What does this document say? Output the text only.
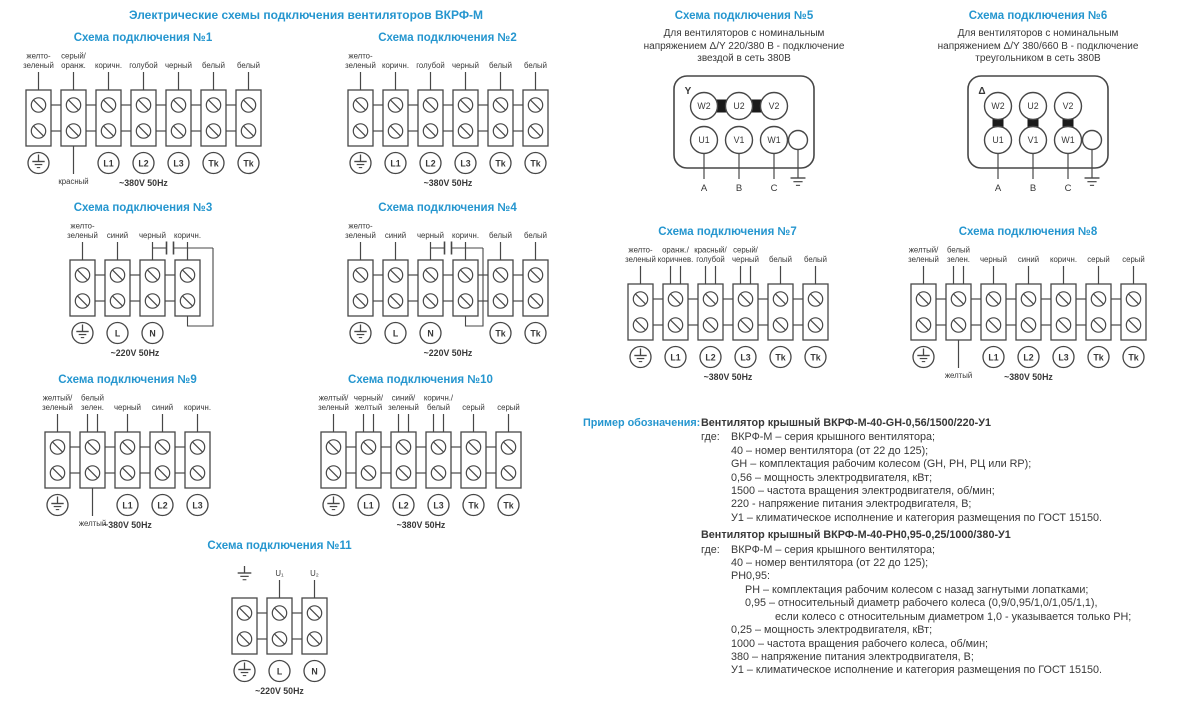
Электрические схемы подключения вентиляторов ВКРФ-М
Схема подключения №1
желто-
зеленый
серый/
оранж.
красный
коричн.
L1
голубой
L2
черный
L3
белый
Tk
белый
Tk
~380V 50Hz
Схема подключения №2
желто-
зеленый коричн.
L1
голубой
L2
черный
L3
белый
Tk
белый
Tk
~380V 50Hz
Схема подключения №5
Для вентиляторов с номинальным
напряжением Δ/Y 220/380 В - подключение
звездой в сеть 380В
Y
W2	U2	V2
U1
A
V1
B
W1
C
Схема подключения №6
Для вентиляторов с номинальным
напряжением Δ/Y 380/660 В - подключение
треугольником в сеть 380В
Δ
W2	U2	V2
U1
A
V1
B
W1
C
Схема подключения №3
желто-
зеленый синий
L
черный
N
коричн.
~220V 50Hz
Схема подключения №4
желто-
зеленый синий
L
черный
N
коричн. белый
Tk
белый
Tk
~220V 50Hz
Схема подключения №7
желто-
зеленый
оранж./
коричнев.
L1
красный/
голубой
L2
серый/
черный
L3
белый
Tk
белый
Tk
~380V 50Hz
Схема подключения №8
желтый/
зеленый
белый
зелен.
желтый
черный
L1
синий
L2
коричн.
L3
серый
Tk
серый
Tk
~380V 50Hz
Схема подключения №9
желтый/
зеленый
белый
зелен.
желтый
черный
L1
синий
L2
коричн.
L3
~380V 50Hz
Схема подключения №10
желтый/
зеленый
черный/
желтый
L1
синий/
зеленый
L2
коричн./
белый
L3
серый
Tk
серый
Tk
~380V 50Hz
Схема подключения №11
U₁
L
U₂
N
~220V 50Hz
Пример обозначения: Вентилятор крышный ВКРФ-М-40-GH-0,56/1500/220-У1
где:	ВКРФ-М – серия крышного вентилятора;
40 – номер вентилятора (от 22 до 125);
GH – комплектация рабочим колесом (GH, PH, РЦ или RP);
0,56 – мощность электродвигателя, кВт;
1500 – частота вращения электродвигателя, об/мин;
220 - напряжение питания электродвигателя, В;
У1 – климатическое исполнение и категория размещения по ГОСТ 15150.
Вентилятор крышный ВКРФ-М-40-РН0,95-0,25/1000/380-У1
где:	ВКРФ-М – серия крышного вентилятора;
40 – номер вентилятора (от 22 до 125);
РН0,95:
РН – комплектация рабочим колесом с назад загнутыми лопатками;
0,95 – относительный диаметр рабочего колеса (0,9/0,95/1,0/1,05/1,1),
если колесо с относительным диаметром 1,0 - указывается только РН;
0,25 – мощность электродвигателя, кВт;
1000 – частота вращения рабочего колеса, об/мин;
380 – напряжение питания электродвигателя, В;
У1 – климатическое исполнение и категория размещения по ГОСТ 15150.
